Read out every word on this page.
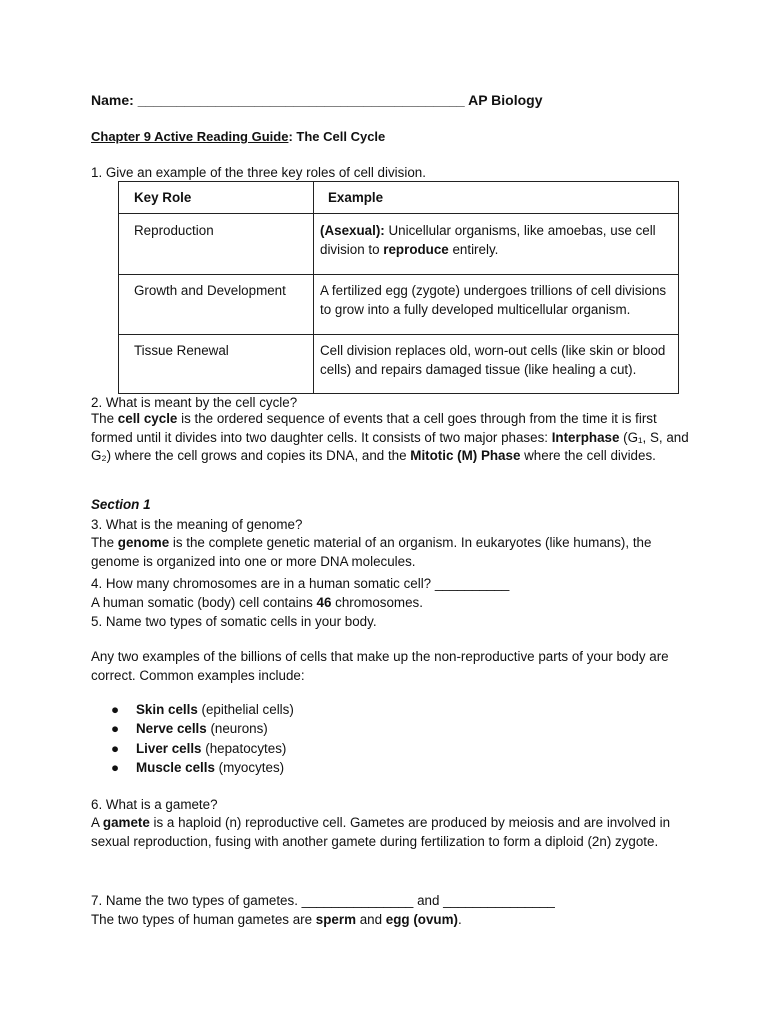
Name: __________________________________________ AP Biology

Chapter 9 Active Reading Guide: The Cell Cycle

1. Give an example of the three key roles of cell division.

Key Role	Example
Reproduction	(Asexual): Unicellular organisms, like amoebas, use cell division to reproduce entirely.
Growth and Development	A fertilized egg (zygote) undergoes trillions of cell divisions to grow into a fully developed multicellular organism.
Tissue Renewal	Cell division replaces old, worn-out cells (like skin or blood cells) and repairs damaged tissue (like healing a cut).

2. What is meant by the cell cycle?

The cell cycle is the ordered sequence of events that a cell goes through from the time it is first formed until it divides into two daughter cells. It consists of two major phases: Interphase (G₁, S, and G₂) where the cell grows and copies its DNA, and the Mitotic (M) Phase where the cell divides.

Section 1

3. What is the meaning of genome?

The genome is the complete genetic material of an organism. In eukaryotes (like humans), the genome is organized into one or more DNA molecules.

4. How many chromosomes are in a human somatic cell? __________

A human somatic (body) cell contains 46 chromosomes.

5. Name two types of somatic cells in your body.

Any two examples of the billions of cells that make up the non-reproductive parts of your body are correct. Common examples include:

● Skin cells (epithelial cells)
● Nerve cells (neurons)
● Liver cells (hepatocytes)
● Muscle cells (myocytes)

6. What is a gamete?

A gamete is a haploid (n) reproductive cell. Gametes are produced by meiosis and are involved in sexual reproduction, fusing with another gamete during fertilization to form a diploid (2n) zygote.

7. Name the two types of gametes. _______________ and _______________

The two types of human gametes are sperm and egg (ovum).
